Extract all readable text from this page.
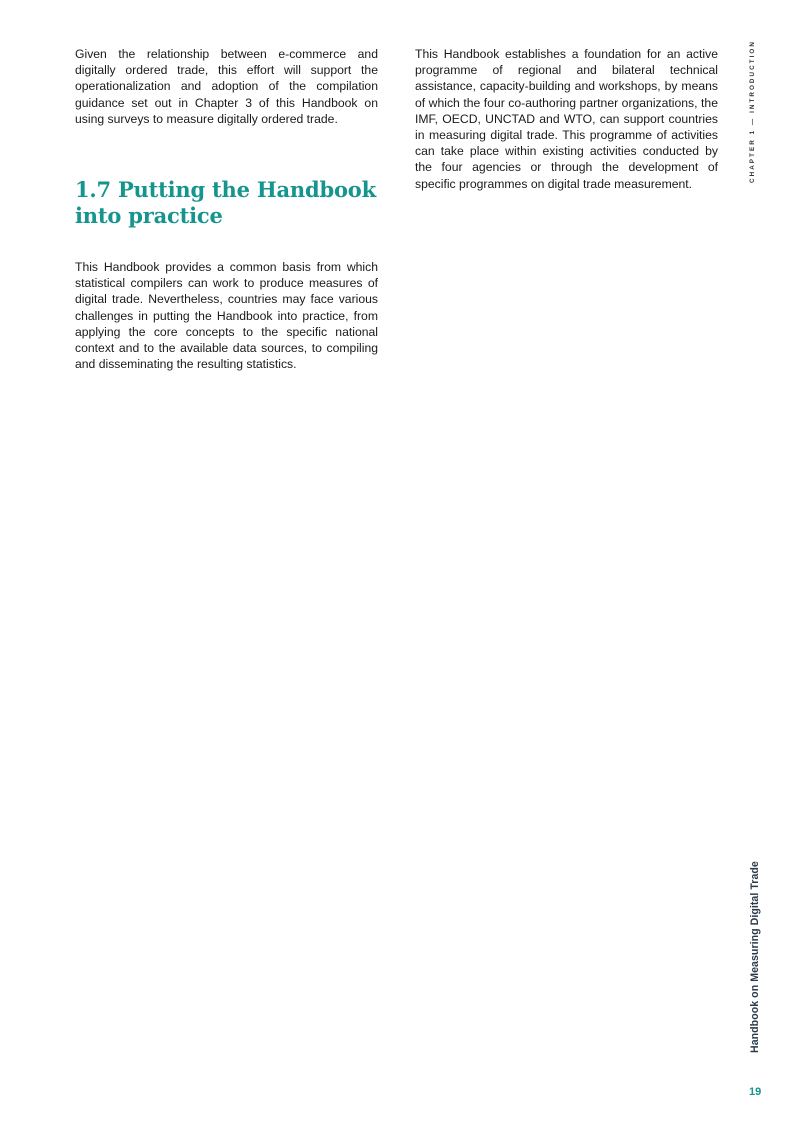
Given the relationship between e-commerce and digitally ordered trade, this effort will support the operationalization and adoption of the compilation guidance set out in Chapter 3 of this Handbook on using surveys to measure digitally ordered trade.

1.7 Putting the Handbook into practice

This Handbook provides a common basis from which statistical compilers can work to produce measures of digital trade. Nevertheless, countries may face various challenges in putting the Handbook into practice, from applying the core concepts to the specific national context and to the available data sources, to compiling and disseminating the resulting statistics.

This Handbook establishes a foundation for an active programme of regional and bilateral technical assistance, capacity-building and workshops, by means of which the four co-authoring partner organizations, the IMF, OECD, UNCTAD and WTO, can support countries in measuring digital trade. This programme of activities can take place within existing activities conducted by the four agencies or through the development of specific programmes on digital trade measurement.

CHAPTER 1 — INTRODUCTION
Handbook on Measuring Digital Trade
19
